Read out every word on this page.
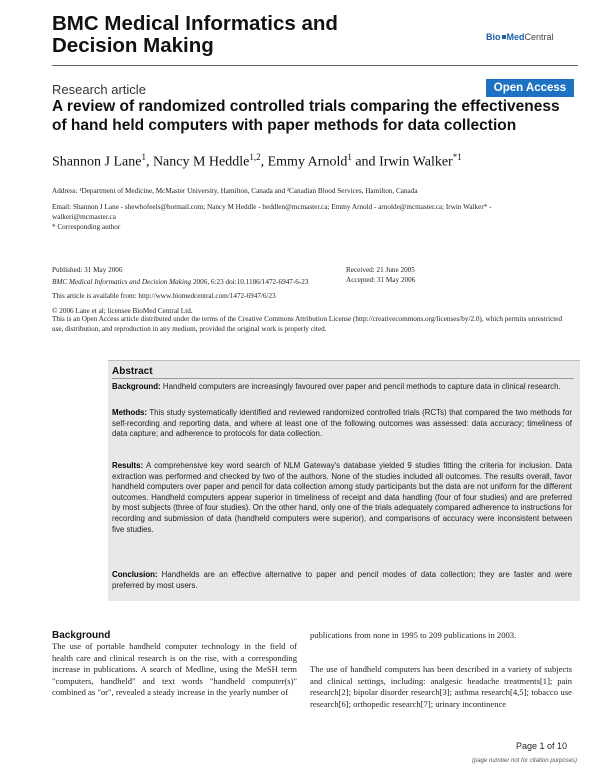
BMC Medical Informatics and Decision Making	Bio MedCentral
Research article	Open Access
A review of randomized controlled trials comparing the effectiveness of hand held computers with paper methods for data collection
Shannon J Lane$^1$, Nancy M Heddle$^{1,2}$, Emmy Arnold$^1$ and Irwin Walker$^{*1}$
Address: ¹Department of Medicine, McMaster University, Hamilton, Canada and ²Canadian Blood Services, Hamilton, Canada
Email: Shannon J Lane - shewhofeels@hotmail.com; Nancy M Heddle - heddlen@mcmaster.ca; Emmy Arnold - arnolde@mcmaster.ca; Irwin Walker* - walkeri@mcmaster.ca
* Corresponding author
Published: 31 May 2006
BMC Medical Informatics and Decision Making 2006, 6:23 doi:10.1186/1472-6947-6-23
Received: 21 June 2005
Accepted: 31 May 2006
This article is available from: http://www.biomedcentral.com/1472-6947/6/23
© 2006 Lane et al; licensee BioMed Central Ltd.
This is an Open Access article distributed under the terms of the Creative Commons Attribution License (http://creativecommons.org/licenses/by/2.0), which permits unrestricted use, distribution, and reproduction in any medium, provided the original work is properly cited.
Abstract
Background: Handheld computers are increasingly favoured over paper and pencil methods to capture data in clinical research.
Methods: This study systematically identified and reviewed randomized controlled trials (RCTs) that compared the two methods for self-recording and reporting data, and where at least one of the following outcomes was assessed: data accuracy; timeliness of data capture; and adherence to protocols for data collection.
Results: A comprehensive key word search of NLM Gateway's database yielded 9 studies fitting the criteria for inclusion. Data extraction was performed and checked by two of the authors. None of the studies included all outcomes. The results overall, favor handheld computers over paper and pencil for data collection among study participants but the data are not uniform for the different outcomes. Handheld computers appear superior in timeliness of receipt and data handling (four of four studies) and are preferred by most subjects (three of four studies). On the other hand, only one of the trials adequately compared adherence to instructions for recording and submission of data (handheld computers were superior), and comparisons of accuracy were inconsistent between five studies.
Conclusion: Handhelds are an effective alternative to paper and pencil modes of data collection; they are faster and were preferred by most users.
Background
The use of portable handheld computer technology in the field of health care and clinical research is on the rise, with a corresponding increase in publications. A search of Medline, using the MeSH term "computers, handheld" and text words "handheld computer(s)" combined as "or", revealed a steady increase in the yearly number of
publications from none in 1995 to 209 publications in 2003.
The use of handheld computers has been described in a variety of subjects and clinical settings, including: analgesic headache treatments[1]; pain research[2]; bipolar disorder research[3]; asthma research[4,5]; tobacco use research[6]; orthopedic research[7]; urinary incontinence
Page 1 of 10
(page number not for citation purposes)
